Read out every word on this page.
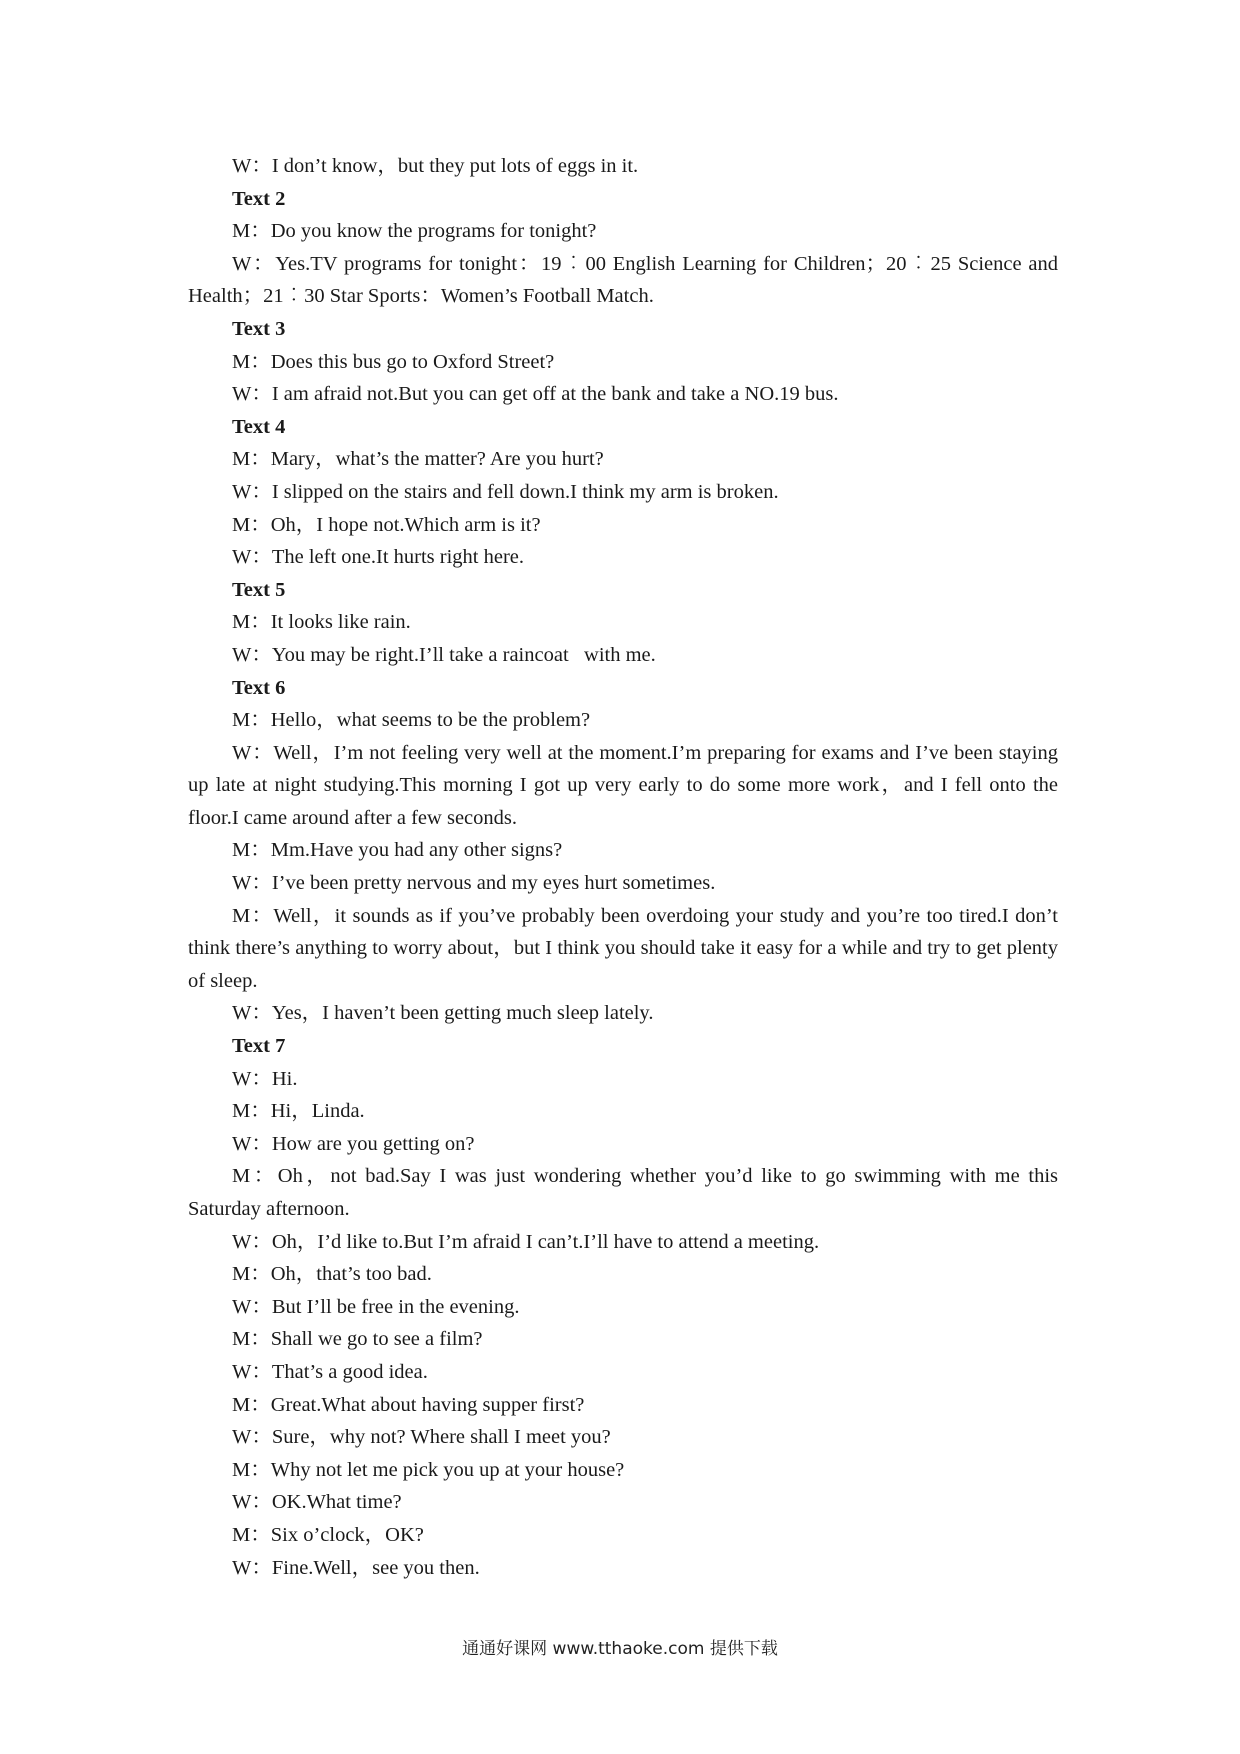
W：I don’t know，but they put lots of eggs in it.

Text 2

M：Do you know the programs for tonight?

W：Yes.TV programs for tonight：19︰00 English Learning for Children；20︰25 Science and Health；21︰30 Star Sports：Women’s Football Match.

Text 3

M：Does this bus go to Oxford Street?

W：I am afraid not.But you can get off at the bank and take a NO.19 bus.

Text 4

M：Mary，what’s the matter? Are you hurt?

W：I slipped on the stairs and fell down.I think my arm is broken.

M：Oh，I hope not.Which arm is it?

W：The left one.It hurts right here.

Text 5

M：It looks like rain.

W：You may be right.I’ll take a raincoat   with me.

Text 6

M：Hello，what seems to be the problem?

W：Well，I’m not feeling very well at the moment.I’m preparing for exams and I’ve been staying up late at night studying.This morning I got up very early to do some more work，and I fell onto the floor.I came around after a few seconds.

M：Mm.Have you had any other signs?

W：I’ve been pretty nervous and my eyes hurt sometimes.

M：Well，it sounds as if you’ve probably been overdoing your study and you’re too tired.I don’t think there’s anything to worry about，but I think you should take it easy for a while and try to get plenty of sleep.

W：Yes，I haven’t been getting much sleep lately.

Text 7

W：Hi.

M：Hi，Linda.

W：How are you getting on?

M：Oh，not bad.Say I was just wondering whether you’d like to go swimming with me this Saturday afternoon.

W：Oh，I’d like to.But I’m afraid I can’t.I’ll have to attend a meeting.

M：Oh，that’s too bad.

W：But I’ll be free in the evening.

M：Shall we go to see a film?

W：That’s a good idea.

M：Great.What about having supper first?

W：Sure，why not? Where shall I meet you?

M：Why not let me pick you up at your house?

W：OK.What time?

M：Six o’clock，OK?

W：Fine.Well，see you then.

通通好课网 www.tthaoke.com 提供下载
